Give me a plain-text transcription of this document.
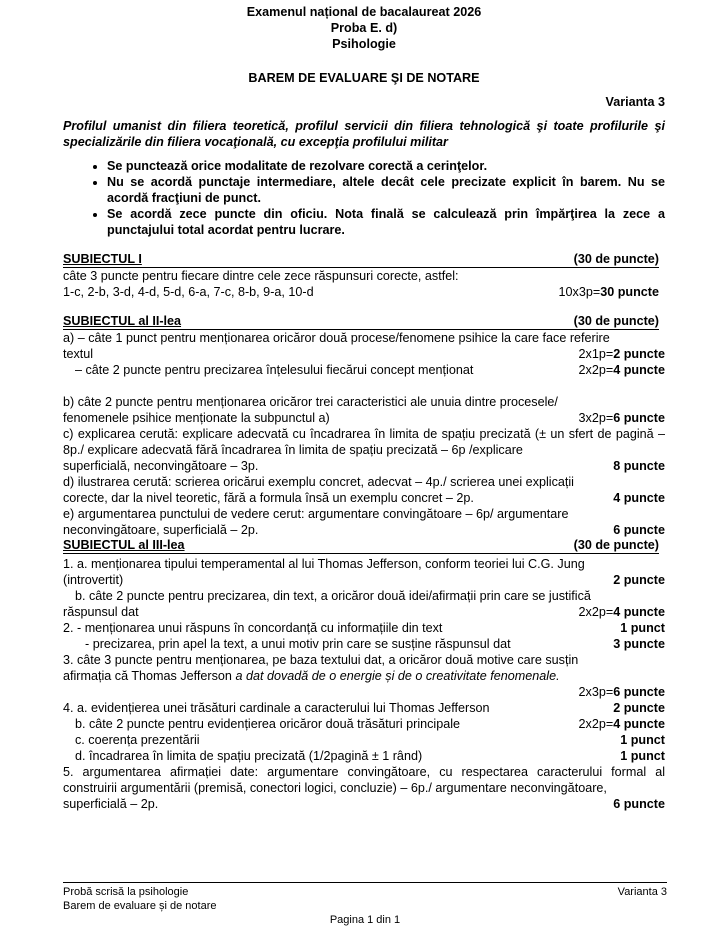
Examenul național de bacalaureat 2026
Proba E. d)
Psihologie
BAREM DE EVALUARE ŞI DE NOTARE
Varianta 3

Profilul umanist din filiera teoretică, profilul servicii din filiera tehnologică şi toate profilurile şi specializările din filiera vocaţională, cu excepţia profilului militar

• Se punctează orice modalitate de rezolvare corectă a cerinţelor.
• Nu se acordă punctaje intermediare, altele decât cele precizate explicit în barem. Nu se acordă fracţiuni de punct.
• Se acordă zece puncte din oficiu. Nota finală se calculează prin împărţirea la zece a punctajului total acordat pentru lucrare.
SUBIECTUL I	(30 de puncte)

câte 3 puncte pentru fiecare dintre cele zece răspunsuri corecte, astfel:

1-c, 2-b, 3-d, 4-d, 5-d, 6-a, 7-c, 8-b, 9-a, 10-d	10x3p=30 puncte
SUBIECTUL al II-lea	(30 de puncte)

a) – câte 1 punct pentru menționarea oricăror două procese/fenomene psihice la care face referire

textul	2x1p=2 puncte
– câte 2 puncte pentru precizarea înțelesului fiecărui concept menționat	2x2p=4 puncte

b) câte 2 puncte pentru menționarea oricăror trei caracteristici ale unuia dintre procesele/

fenomenele psihice menționate la subpunctul a)	3x2p=6 puncte

c) explicarea cerută: explicare adecvată cu încadrarea în limita de spațiu precizată (± un sfert de pagină – 8p./ explicare adecvată fără încadrarea în limita de spațiu precizată – 6p /explicare

superficială, neconvingătoare – 3p.	8 puncte

d) ilustrarea cerută: scrierea oricărui exemplu concret, adecvat – 4p./ scrierea unei explicații

corecte, dar la nivel teoretic, fără a formula însă un exemplu concret – 2p.	4 puncte

e) argumentarea punctului de vedere cerut: argumentare convingătoare – 6p/ argumentare

neconvingătoare, superficială – 2p.	6 puncte
SUBIECTUL al III-lea	(30 de puncte)

1. a. menționarea tipului temperamental al lui Thomas Jefferson, conform teoriei lui C.G. Jung

(introvertit)	2 puncte

b. câte 2 puncte pentru precizarea, din text, a oricăror două idei/afirmații prin care se justifică

răspunsul dat	2x2p=4 puncte
2. - menționarea unui răspuns în concordanță cu informațiile din text	1 punct
- precizarea, prin apel la text, a unui motiv prin care se susține răspunsul dat	3 puncte

3. câte 3 puncte pentru menționarea, pe baza textului dat, a oricăror două motive care susțin

afirmația că Thomas Jefferson a dat dovadă de o energie și de o creativitate fenomenale.

2x3p=6 puncte
4. a. evidențierea unei trăsături cardinale a caracterului lui Thomas Jefferson	2 puncte
b. câte 2 puncte pentru evidențierea oricăror două trăsături principale	2x2p=4 puncte
c. coerența prezentării	1 punct
d. încadrarea în limita de spațiu precizată (1/2pagină ± 1 rând)	1 punct

5. argumentarea afirmației date: argumentare convingătoare, cu respectarea caracterului formal al construirii argumentării (premisă, conectori logici, concluzie) – 6p./ argumentare neconvingătoare,

superficială – 2p.	6 puncte
Probă scrisă la psihologie	Varianta 3
Barem de evaluare și de notare
Pagina 1 din 1
